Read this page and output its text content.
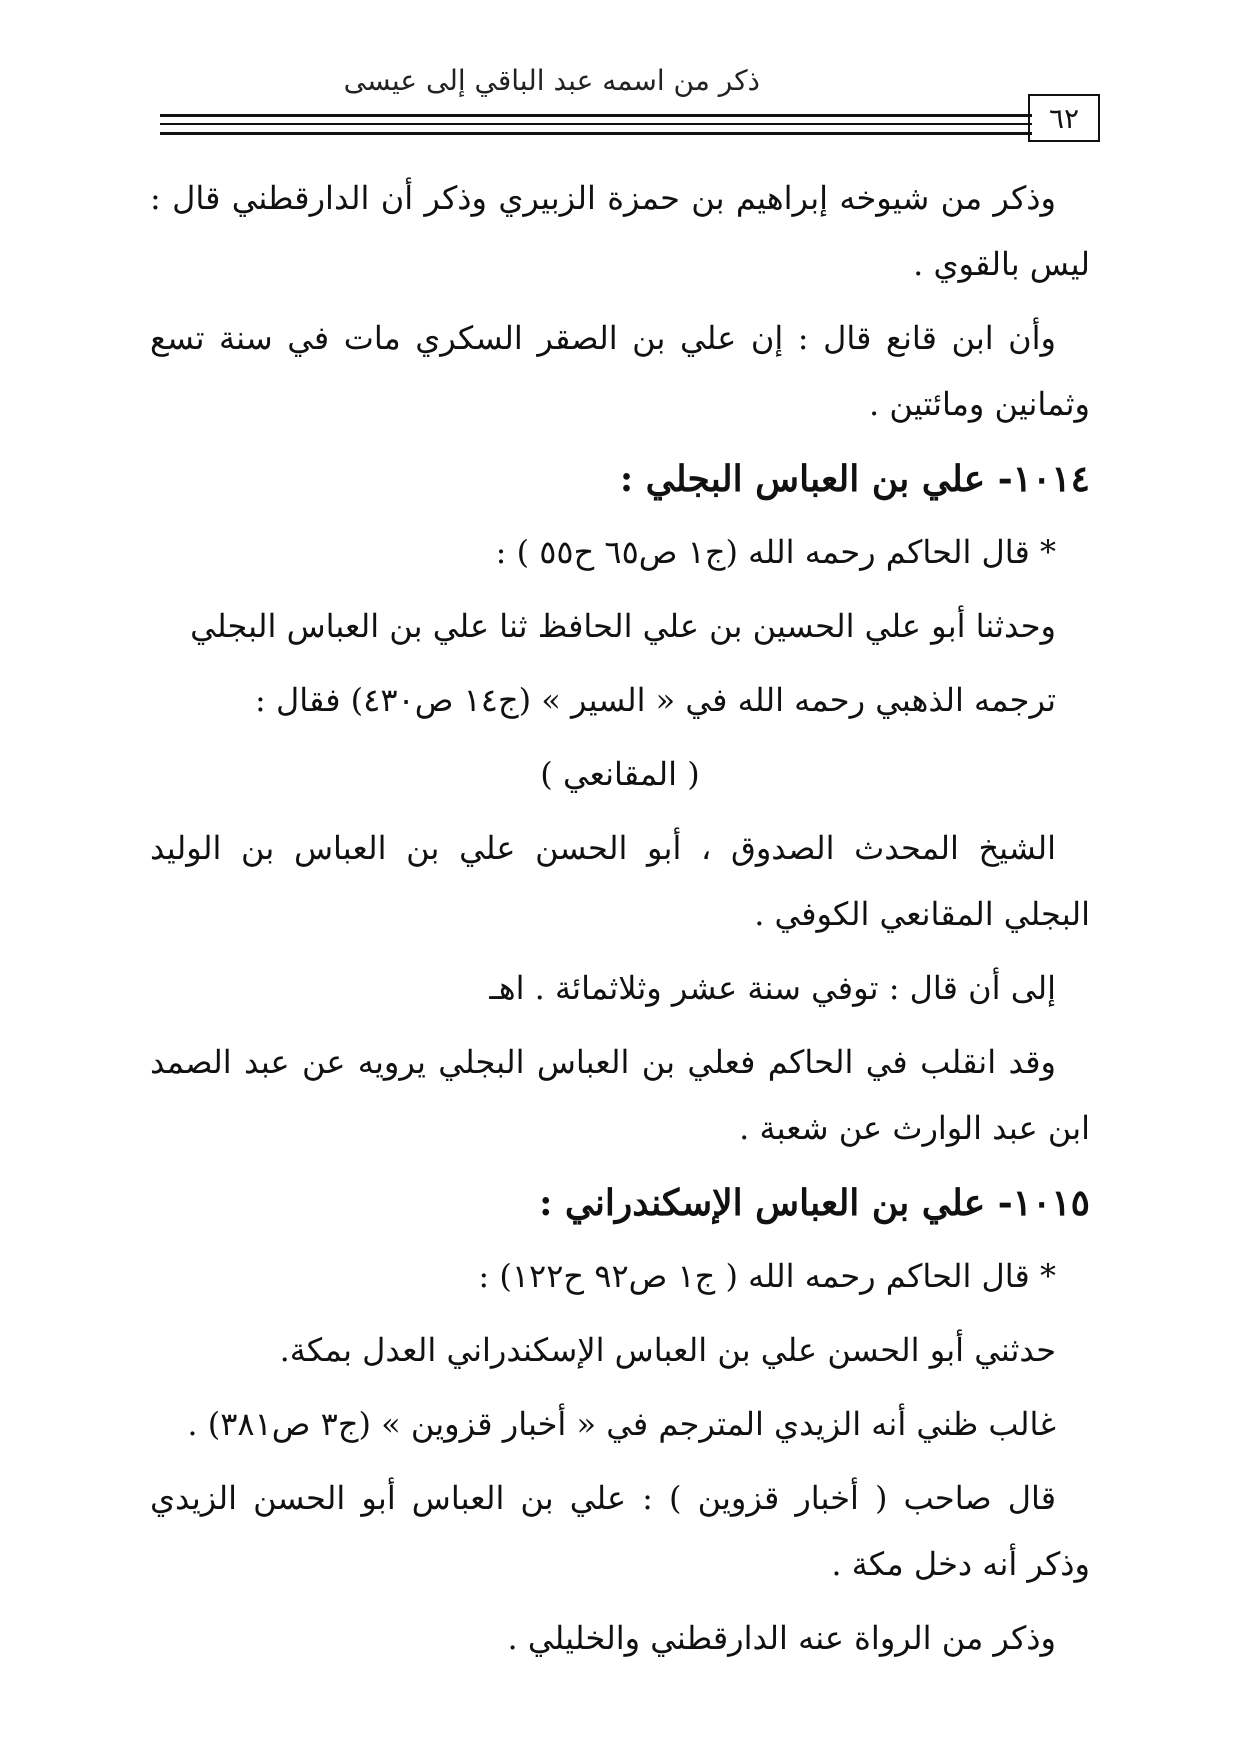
ذكر من اسمه عبد الباقي إلى عيسى
٦٢

وذكر من شيوخه إبراهيم بن حمزة الزبيري وذكر أن الدارقطني قال : ليس بالقوي .

وأن ابن قانع قال : إن علي بن الصقر السكري مات في سنة تسع وثمانين ومائتين .

١٠١٤- علي بن العباس البجلي :

* قال الحاكم رحمه الله (ج١ ص٦٥ ح٥٥ ) :

وحدثنا أبو علي الحسين بن علي الحافظ ثنا علي بن العباس البجلي

ترجمه الذهبي رحمه الله في « السير » (ج١٤ ص٤٣٠) فقال :

( المقانعي )

الشيخ المحدث الصدوق ، أبو الحسن علي بن العباس بن الوليد البجلي المقانعي الكوفي .

إلى أن قال : توفي سنة عشر وثلاثمائة . اهـ

وقد انقلب في الحاكم فعلي بن العباس البجلي يرويه عن عبد الصمد ابن عبد الوارث عن شعبة .

١٠١٥- علي بن العباس الإسكندراني :

* قال الحاكم رحمه الله ( ج١ ص٩٢ ح١٢٢) :

حدثني أبو الحسن علي بن العباس الإسكندراني العدل بمكة.

غالب ظني أنه الزيدي المترجم في « أخبار قزوين » (ج٣ ص٣٨١) .

قال صاحب ( أخبار قزوين ) : علي بن العباس أبو الحسن الزيدي وذكر أنه دخل مكة .

وذكر من الرواة عنه الدارقطني والخليلي .
